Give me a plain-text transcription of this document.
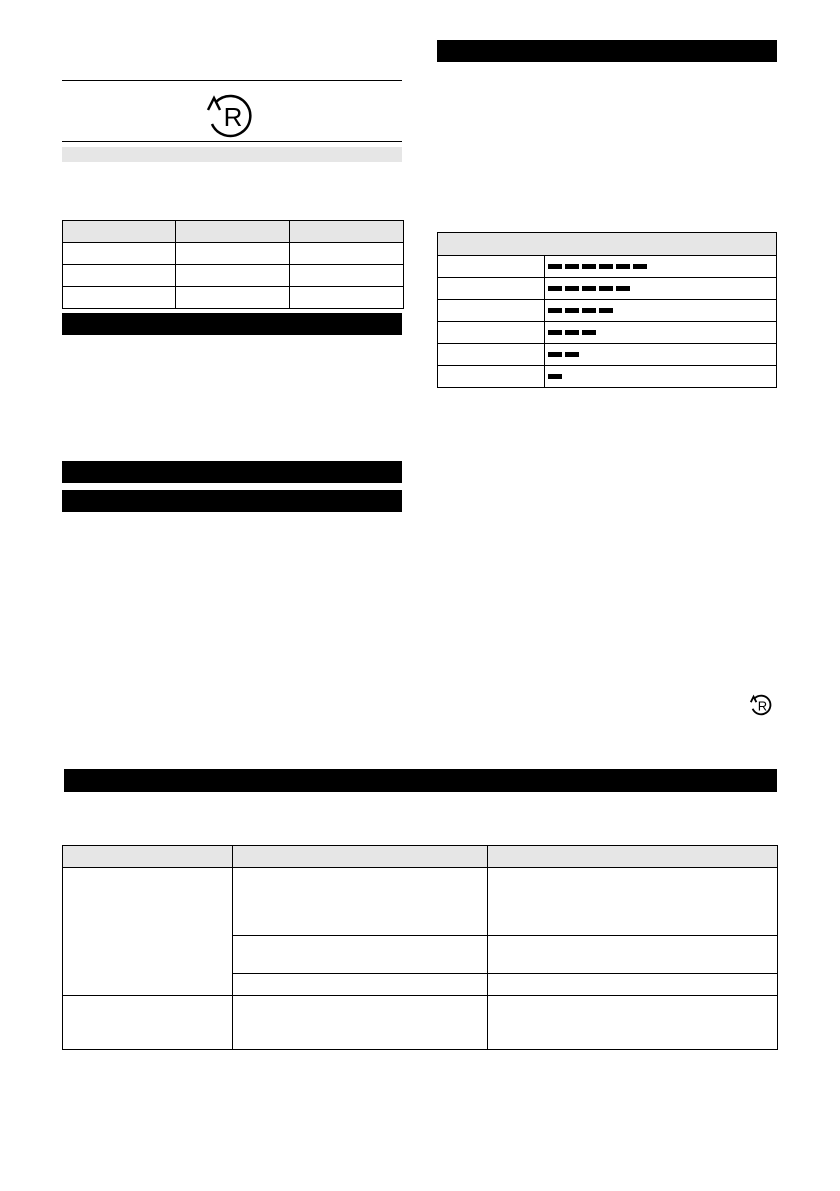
R

R
